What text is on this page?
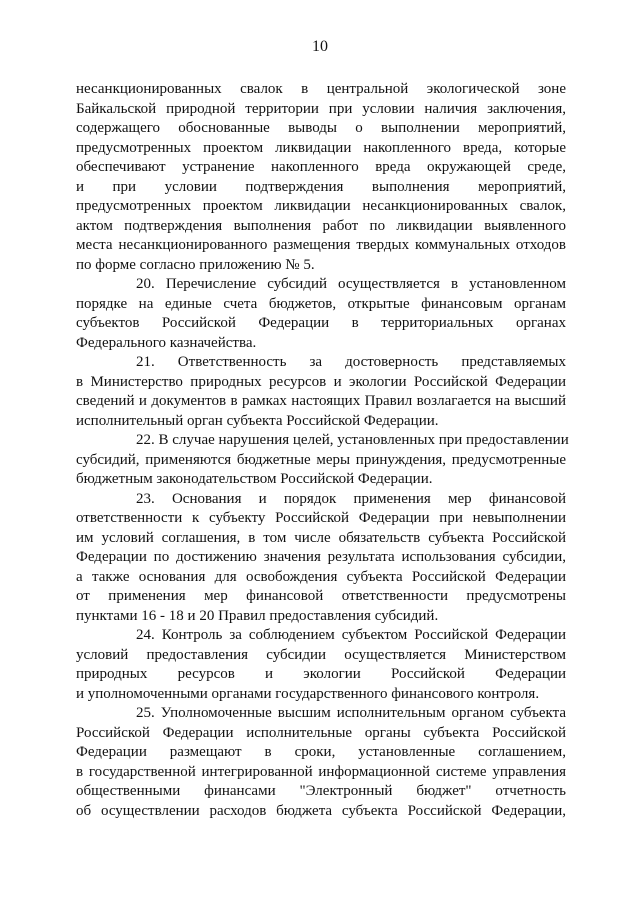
10
несанкционированных свалок в центральной экологической зоне
Байкальской природной территории при условии наличия заключения,
содержащего обоснованные выводы о выполнении мероприятий,
предусмотренных проектом ликвидации накопленного вреда, которые
обеспечивают устранение накопленного вреда окружающей среде,
и при условии подтверждения выполнения мероприятий,
предусмотренных проектом ликвидации несанкционированных свалок,
актом подтверждения выполнения работ по ликвидации выявленного
места несанкционированного размещения твердых коммунальных отходов
по форме согласно приложению № 5.
20. Перечисление субсидий осуществляется в установленном
порядке на единые счета бюджетов, открытые финансовым органам
субъектов Российской Федерации в территориальных органах
Федерального казначейства.
21. Ответственность за достоверность представляемых
в Министерство природных ресурсов и экологии Российской Федерации
сведений и документов в рамках настоящих Правил возлагается на высший
исполнительный орган субъекта Российской Федерации.
22. В случае нарушения целей, установленных при предоставлении
субсидий, применяются бюджетные меры принуждения, предусмотренные
бюджетным законодательством Российской Федерации.
23. Основания и порядок применения мер финансовой
ответственности к субъекту Российской Федерации при невыполнении
им условий соглашения, в том числе обязательств субъекта Российской
Федерации по достижению значения результата использования субсидии,
а также основания для освобождения субъекта Российской Федерации
от применения мер финансовой ответственности предусмотрены
пунктами 16 - 18 и 20 Правил предоставления субсидий.
24. Контроль за соблюдением субъектом Российской Федерации
условий предоставления субсидии осуществляется Министерством
природных ресурсов и экологии Российской Федерации
и уполномоченными органами государственного финансового контроля.
25. Уполномоченные высшим исполнительным органом субъекта
Российской Федерации исполнительные органы субъекта Российской
Федерации размещают в сроки, установленные соглашением,
в государственной интегрированной информационной системе управления
общественными финансами "Электронный бюджет" отчетность
об осуществлении расходов бюджета субъекта Российской Федерации,
